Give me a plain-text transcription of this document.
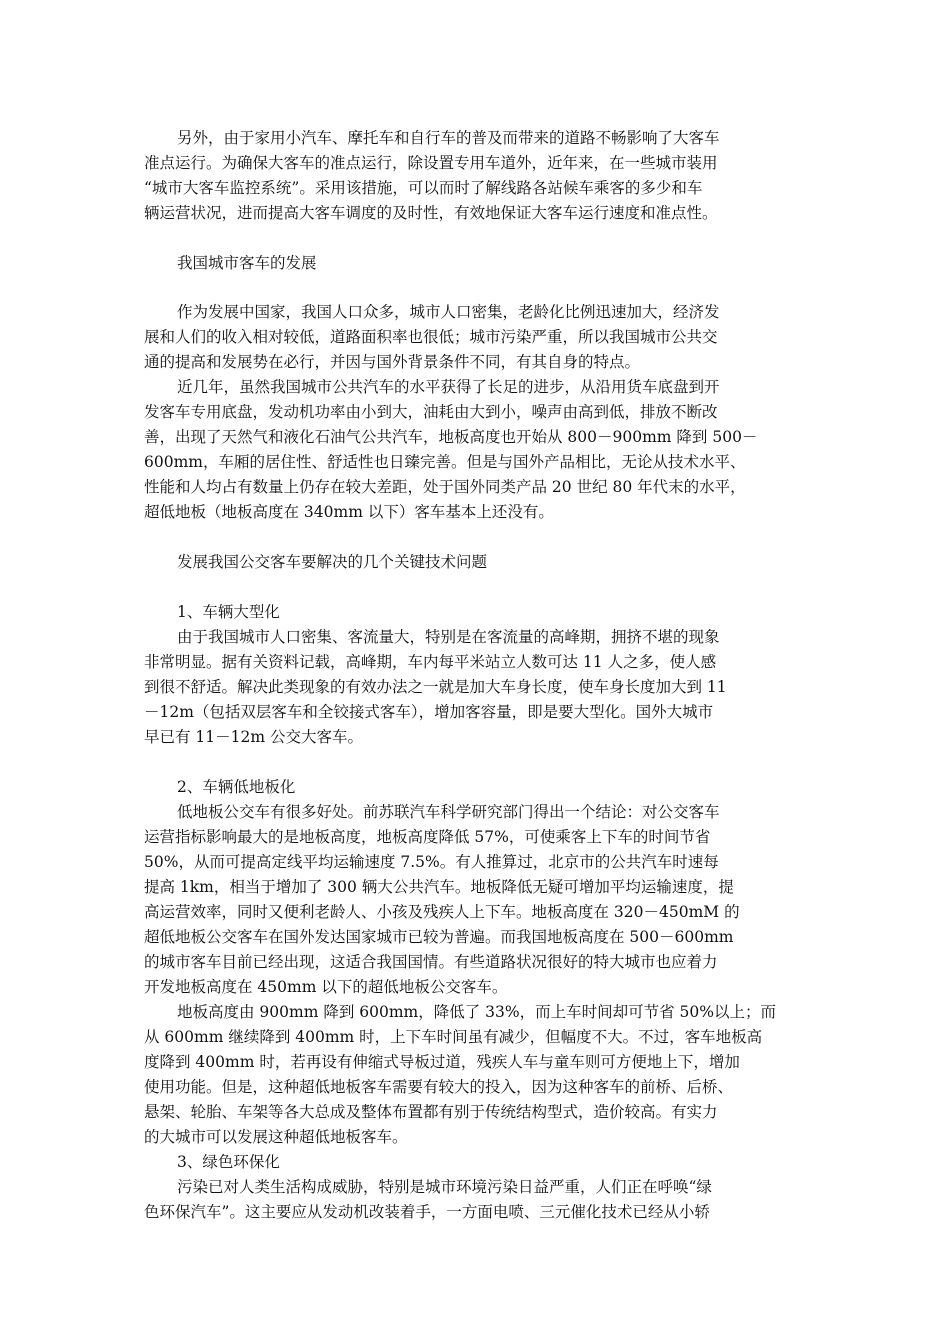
另外，由于家用小汽车、摩托车和自行车的普及而带来的道路不畅影响了大客车
准点运行。为确保大客车的准点运行，除设置专用车道外，近年来，在一些城市装用
“城市大客车监控系统”。采用该措施，可以而时了解线路各站候车乘客的多少和车
辆运营状况，进而提高大客车调度的及时性，有效地保证大客车运行速度和准点性。
我国城市客车的发展
作为发展中国家，我国人口众多，城市人口密集，老龄化比例迅速加大，经济发
展和人们的收入相对较低，道路面积率也很低；城市污染严重，所以我国城市公共交
通的提高和发展势在必行，并因与国外背景条件不同，有其自身的特点。
近几年，虽然我国城市公共汽车的水平获得了长足的进步，从沿用货车底盘到开
发客车专用底盘，发动机功率由小到大，油耗由大到小，噪声由高到低，排放不断改
善，出现了天然气和液化石油气公共汽车，地板高度也开始从 800－900mm 降到 500－
600mm，车厢的居住性、舒适性也日臻完善。但是与国外产品相比，无论从技术水平、
性能和人均占有数量上仍存在较大差距，处于国外同类产品 20 世纪 80 年代末的水平，
超低地板（地板高度在 340mm 以下）客车基本上还没有。
发展我国公交客车要解决的几个关键技术问题
1、车辆大型化
由于我国城市人口密集、客流量大，特别是在客流量的高峰期，拥挤不堪的现象
非常明显。据有关资料记载，高峰期，车内每平米站立人数可达 11 人之多，使人感
到很不舒适。解决此类现象的有效办法之一就是加大车身长度，使车身长度加大到 11
－12m（包括双层客车和全铰接式客车），增加客容量，即是要大型化。国外大城市
早已有 11－12m 公交大客车。
2、车辆低地板化
低地板公交车有很多好处。前苏联汽车科学研究部门得出一个结论：对公交客车
运营指标影响最大的是地板高度，地板高度降低 57%，可使乘客上下车的时间节省
50%，从而可提高定线平均运输速度 7.5%。有人推算过，北京市的公共汽车时速每
提高 1km，相当于增加了 300 辆大公共汽车。地板降低无疑可增加平均运输速度，提
高运营效率，同时又便利老龄人、小孩及残疾人上下车。地板高度在 320－450mM 的
超低地板公交客车在国外发达国家城市已较为普遍。而我国地板高度在 500－600mm
的城市客车目前已经出现，这适合我国国情。有些道路状况很好的特大城市也应着力
开发地板高度在 450mm 以下的超低地板公交客车。
地板高度由 900mm 降到 600mm，降低了 33%，而上车时间却可节省 50%以上；而
从 600mm 继续降到 400mm 时，上下车时间虽有减少，但幅度不大。不过，客车地板高
度降到 400mm 时，若再设有伸缩式导板过道，残疾人车与童车则可方便地上下，增加
使用功能。但是，这种超低地板客车需要有较大的投入，因为这种客车的前桥、后桥、
悬架、轮胎、车架等各大总成及整体布置都有别于传统结构型式，造价较高。有实力
的大城市可以发展这种超低地板客车。
3、绿色环保化
污染已对人类生活构成威胁，特别是城市环境污染日益严重，人们正在呼唤“绿
色环保汽车”。这主要应从发动机改装着手，一方面电喷、三元催化技术已经从小轿
